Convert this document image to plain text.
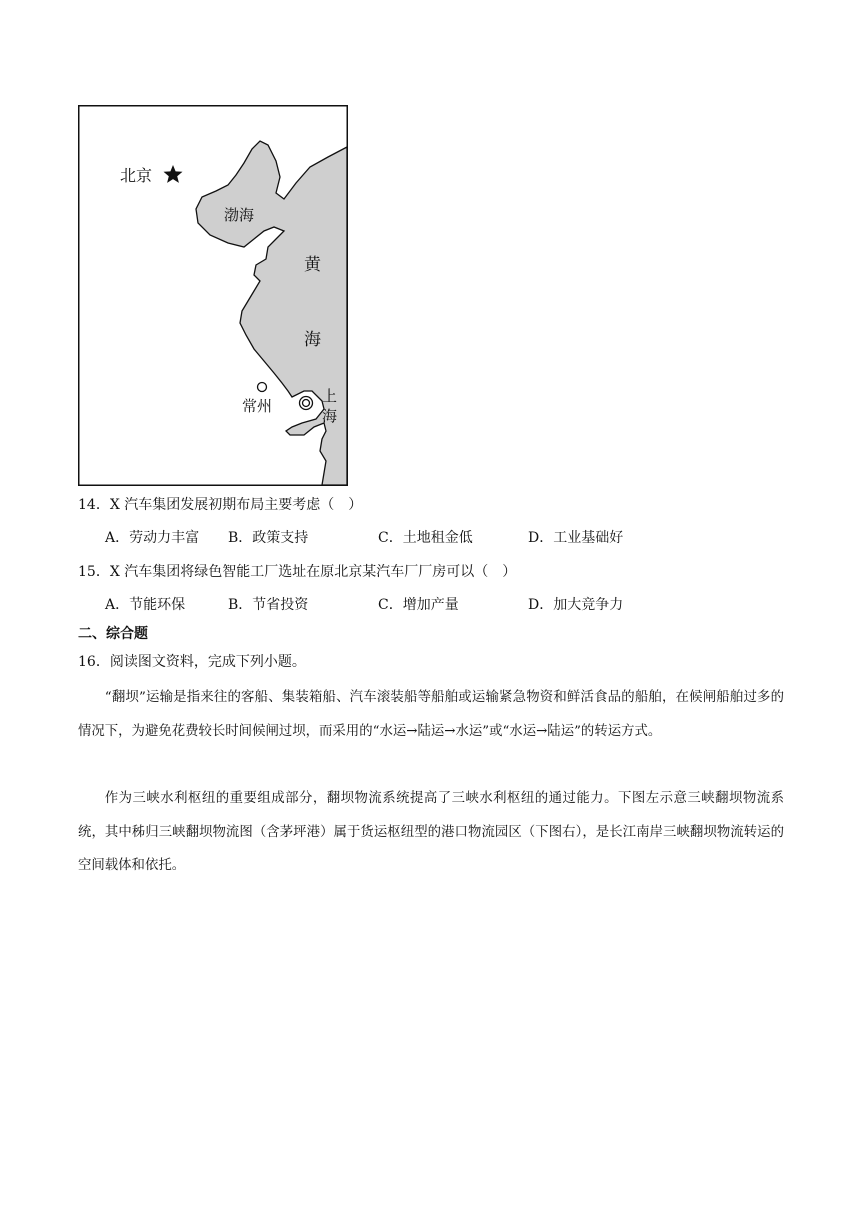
北京
渤海
黄
海
常州
上
海
14．X 汽车集团发展初期布局主要考虑（　）
A．劳动力丰富 B．政策支持	C．土地租金低	D．工业基础好
15．X 汽车集团将绿色智能工厂选址在原北京某汽车厂厂房可以（　）
A．节能环保	B．节省投资	C．增加产量	D．加大竞争力
二、综合题
16．阅读图文资料，完成下列小题。
“翻坝”运输是指来往的客船、集装箱船、汽车滚装船等船舶或运输紧急物资和鲜活食品的船舶，在候闸船舶过多的情况下，为避免花费较长时间候闸过坝，而采用的“水运→陆运→水运”或“水运→陆运”的转运方式。
作为三峡水利枢纽的重要组成部分，翻坝物流系统提高了三峡水利枢纽的通过能力。下图左示意三峡翻坝物流系统，其中秭归三峡翻坝物流图（含茅坪港）属于货运枢纽型的港口物流园区（下图右），是长江南岸三峡翻坝物流转运的空间载体和依托。
